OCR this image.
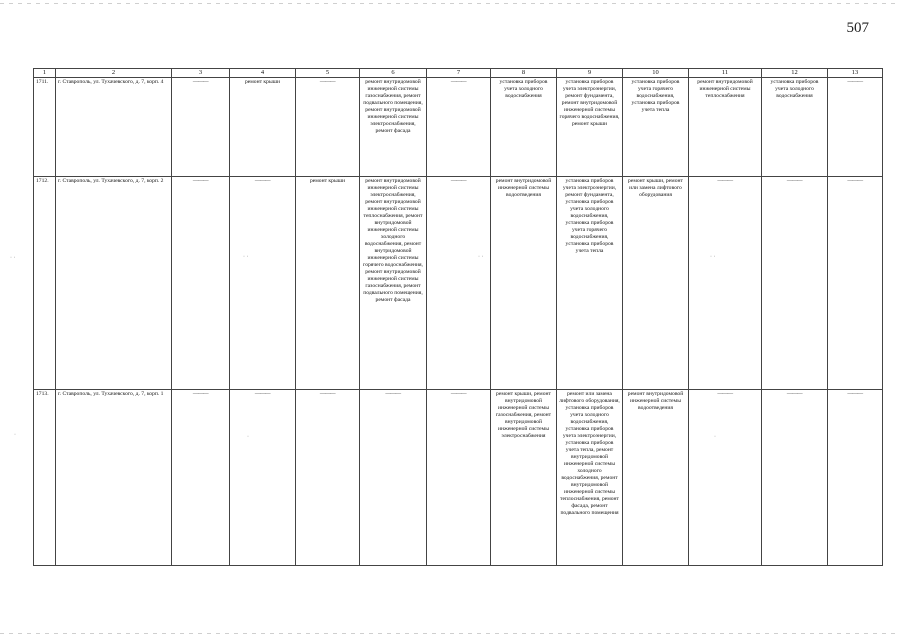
507
1	2	3	4	5	6	7	8	9	10	11	12	13
1711.	г. Ставрополь, ул. Тухачевского, д. 7, корп. 4	———	ремонт крыши	———	ремонт внутридомовой инженерной системы газоснабжения, ремонт подвального помещения, ремонт внутридомовой инженерной системы электроснабжения, ремонт фасада	———	установка приборов учета холодного водоснабжения	установка приборов учета электроэнергии, ремонт фундамента, ремонт внутридомовой инженерной системы горячего водоснабжения, ремонт крыши	установка приборов учета горячего водоснабжения, установка приборов учета тепла	ремонт внутридомовой инженерной системы теплоснабжения	установка приборов учета холодного водоснабжения	———

1712.	г. Ставрополь, ул. Тухачевского, д. 7, корп. 2	———	———	ремонт крыши	ремонт внутридомовой инженерной системы электроснабжения, ремонт внутридомовой инженерной системы теплоснабжения, ремонт внутридомовой инженерной системы холодного водоснабжения, ремонт внутридомовой инженерной системы горячего водоснабжения, ремонт внутридомовой инженерной системы газоснабжения, ремонт подвального помещения, ремонт фасада	———	ремонт внутридомовой инженерной системы водоотведения	установка приборов учета электроэнергии, ремонт фундамента, установка приборов учета холодного водоснабжения, установка приборов учета горячего водоснабжения, установка приборов учета тепла	ремонт крыши, ремонт или замена лифтового оборудования	———	———	———

1713.	г. Ставрополь, ул. Тухачевского, д. 7, корп. 1	———	———	———	———	———	ремонт крыши, ремонт внутридомовой инженерной системы газоснабжения, ремонт внутридомовой инженерной системы электроснабжения	ремонт или замена лифтового оборудования, установка приборов учета холодного водоснабжения, установка приборов учета электроэнергии, установка приборов учета тепла, ремонт внутридомовой инженерной системы холодного водоснабжения, ремонт внутридомовой инженерной системы теплоснабжения, ремонт фасада, ремонт подвального помещения	ремонт внутридомовой инженерной системы водоотведения	———	———	———
· ·
·
· ·	· ·	· ·
·	·
